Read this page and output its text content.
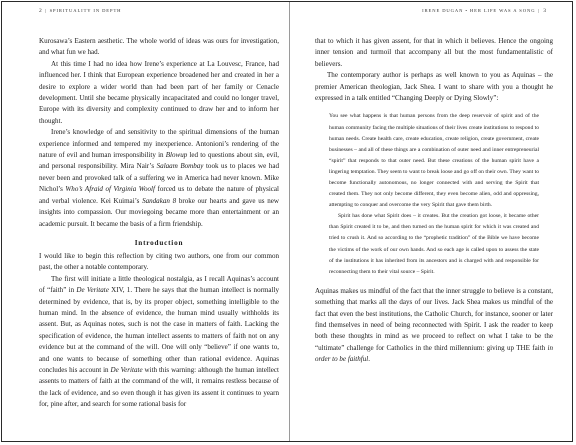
2 | SPIRITUALITY IN DEPTH

Kurosawa’s Eastern aesthetic. The whole world of ideas was ours for investigation, and what fun we had.

At this time I had no idea how Irene’s experience at La Louvesc, France, had influenced her. I think that European experience broadened her and created in her a desire to explore a wider world than had been part of her family or Cenacle development. Until she became physically incapacitated and could no longer travel, Europe with its diversity and complexity continued to draw her and to inform her thought.

Irene’s knowledge of and sensitivity to the spiritual dimensions of the human experience informed and tempered my inexperience. Antonioni’s rendering of the nature of evil and human irresponsibility in Blowup led to questions about sin, evil, and personal responsibility. Mira Nair’s Salaam Bombay took us to places we had never been and provoked talk of a suffering we in America had never known. Mike Nichol’s Who’s Afraid of Virginia Woolf forced us to debate the nature of physical and verbal violence. Kei Kuimai’s Sandakan 8 broke our hearts and gave us new insights into compassion. Our moviegoing became more than entertainment or an academic pursuit. It became the basis of a firm friendship.

Introduction

I would like to begin this reflection by citing two authors, one from our common past, the other a notable contemporary.

The first will initiate a little theological nostalgia, as I recall Aquinas’s account of “faith” in De Veritate XIV, 1. There he says that the human intellect is normally determined by evidence, that is, by its proper object, something intelligible to the human mind. In the absence of evidence, the human mind usually withholds its assent. But, as Aquinas notes, such is not the case in matters of faith. Lacking the specification of evidence, the human intellect assents to matters of faith not on any evidence but at the command of the will. One will only “believe” if one wants to, and one wants to because of something other than rational evidence. Aquinas concludes his account in De Veritate with this warning: although the human intellect assents to matters of faith at the command of the will, it remains restless because of the lack of evidence, and so even though it has given its assent it continues to yearn for, pine after, and search for some rational basis for

IRENE DUGAN • HER LIFE WAS A SONG | 3

that to which it has given assent, for that in which it believes. Hence the ongoing inner tension and turmoil that accompany all but the most fundamentalistic of believers.

The contemporary author is perhaps as well known to you as Aquinas – the premier American theologian, Jack Shea. I want to share with you a thought he expressed in a talk entitled “Changing Deeply or Dying Slowly”:

You see what happens is that human persons from the deep reservoir of spirit and of the human community facing the multiple situations of their lives create institutions to respond to human needs. Create health care, create education, create religion, create government, create businesses – and all of these things are a combination of outer need and inner entrepreneurial “spirit” that responds to that outer need. But these creations of the human spirit have a lingering temptation. They seem to want to break loose and go off on their own. They want to become functionally autonomous, no longer connected with and serving the Spirit that created them. They not only become different, they even become alien, odd and oppressing, attempting to conquer and overcome the very Spirit that gave them birth.

Spirit has done what Spirit does – it creates. But the creation got loose, it became other than Spirit created it to be, and then turned on the human spirit for which it was created and tried to crush it. And so according to the “prophetic tradition” of the Bible we have become the victims of the work of our own hands. And so each age is called upon to assess the state of the institutions it has inherited from its ancestors and is charged with and responsible for reconnecting them to their vital source – Spirit.

Aquinas makes us mindful of the fact that the inner struggle to believe is a constant, something that marks all the days of our lives. Jack Shea makes us mindful of the fact that even the best institutions, the Catholic Church, for instance, sooner or later find themselves in need of being reconnected with Spirit. I ask the reader to keep both these thoughts in mind as we proceed to reflect on what I take to be the “ultimate” challenge for Catholics in the third millennium: giving up THE faith in order to be faithful.
